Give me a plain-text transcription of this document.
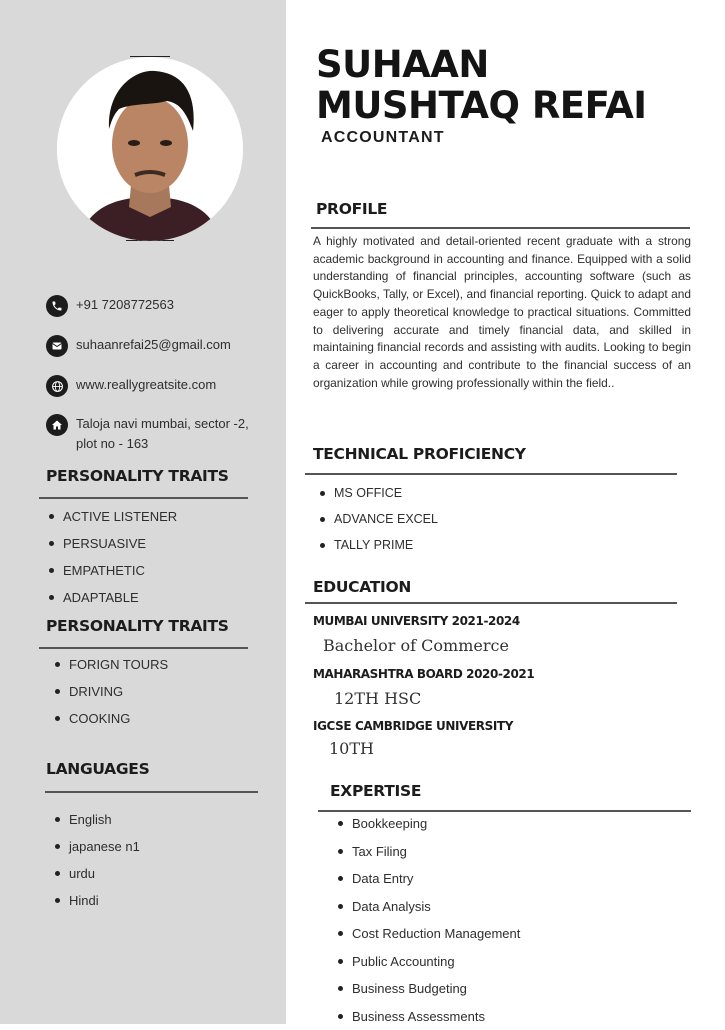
+91 7208772563
suhaanrefai25@gmail.com
www.reallygreatsite.com
Taloja navi mumbai, sector -2, plot no - 163
PERSONALITY TRAITS
ACTIVE LISTENER
PERSUASIVE
EMPATHETIC
ADAPTABLE
PERSONALITY TRAITS
FORIGN TOURS
DRIVING
COOKING
LANGUAGES
English
japanese n1
urdu
Hindi
SUHAAN MUSHTAQ REFAI
ACCOUNTANT
PROFILE
A highly motivated and detail-oriented recent graduate with a strong academic background in accounting and finance. Equipped with a solid understanding of financial principles, accounting software (such as QuickBooks, Tally, or Excel), and financial reporting. Quick to adapt and eager to apply theoretical knowledge to practical situations. Committed to delivering accurate and timely financial data, and skilled in maintaining financial records and assisting with audits. Looking to begin a career in accounting and contribute to the financial success of an organization while growing professionally within the field..
TECHNICAL PROFICIENCY
MS OFFICE
ADVANCE EXCEL
TALLY PRIME
EDUCATION
MUMBAI UNIVERSITY 2021-2024
Bachelor of Commerce
MAHARASHTRA BOARD 2020-2021
12TH HSC
IGCSE CAMBRIDGE UNIVERSITY
10TH
EXPERTISE
Bookkeeping
Tax Filing
Data Entry
Data Analysis
Cost Reduction Management
Public Accounting
Business Budgeting
Business Assessments
